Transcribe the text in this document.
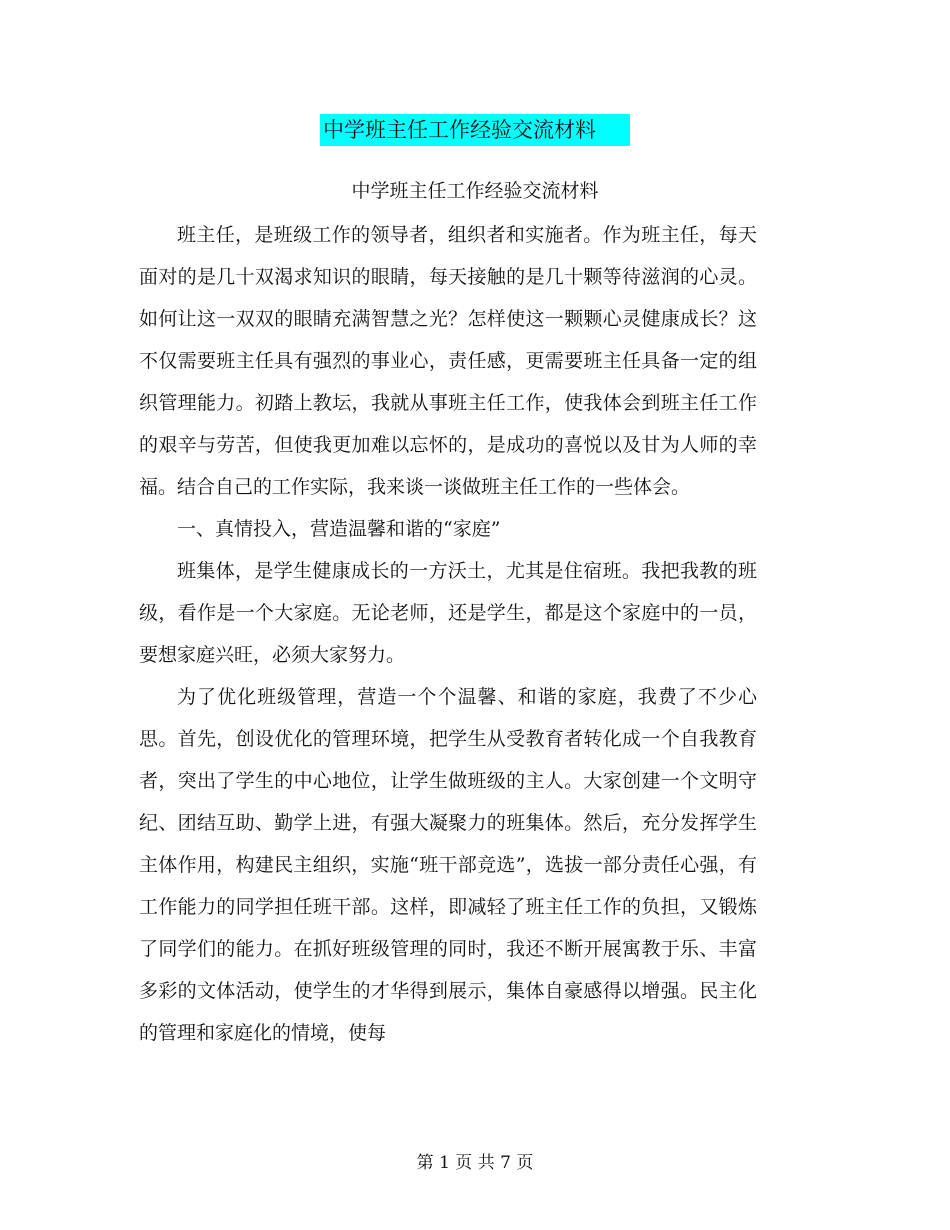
中学班主任工作经验交流材料
中学班主任工作经验交流材料

班主任，是班级工作的领导者，组织者和实施者。作为班主任，每天面对的是几十双渴求知识的眼睛，每天接触的是几十颗等待滋润的心灵。如何让这一双双的眼睛充满智慧之光？怎样使这一颗颗心灵健康成长？这不仅需要班主任具有强烈的事业心，责任感，更需要班主任具备一定的组织管理能力。初踏上教坛，我就从事班主任工作，使我体会到班主任工作的艰辛与劳苦，但使我更加难以忘怀的，是成功的喜悦以及甘为人师的幸福。结合自己的工作实际，我来谈一谈做班主任工作的一些体会。

一、真情投入，营造温馨和谐的“家庭”

班集体，是学生健康成长的一方沃土，尤其是住宿班。我把我教的班级，看作是一个大家庭。无论老师，还是学生，都是这个家庭中的一员，要想家庭兴旺，必须大家努力。

为了优化班级管理，营造一个个温馨、和谐的家庭，我费了不少心思。首先，创设优化的管理环境，把学生从受教育者转化成一个自我教育者，突出了学生的中心地位，让学生做班级的主人。大家创建一个文明守纪、团结互助、勤学上进，有强大凝聚力的班集体。然后，充分发挥学生主体作用，构建民主组织，实施“班干部竞选”，选拔一部分责任心强，有工作能力的同学担任班干部。这样，即减轻了班主任工作的负担，又锻炼了同学们的能力。在抓好班级管理的同时，我还不断开展寓教于乐、丰富多彩的文体活动，使学生的才华得到展示，集体自豪感得以增强。民主化的管理和家庭化的情境，使每

第 1 页 共 7 页
